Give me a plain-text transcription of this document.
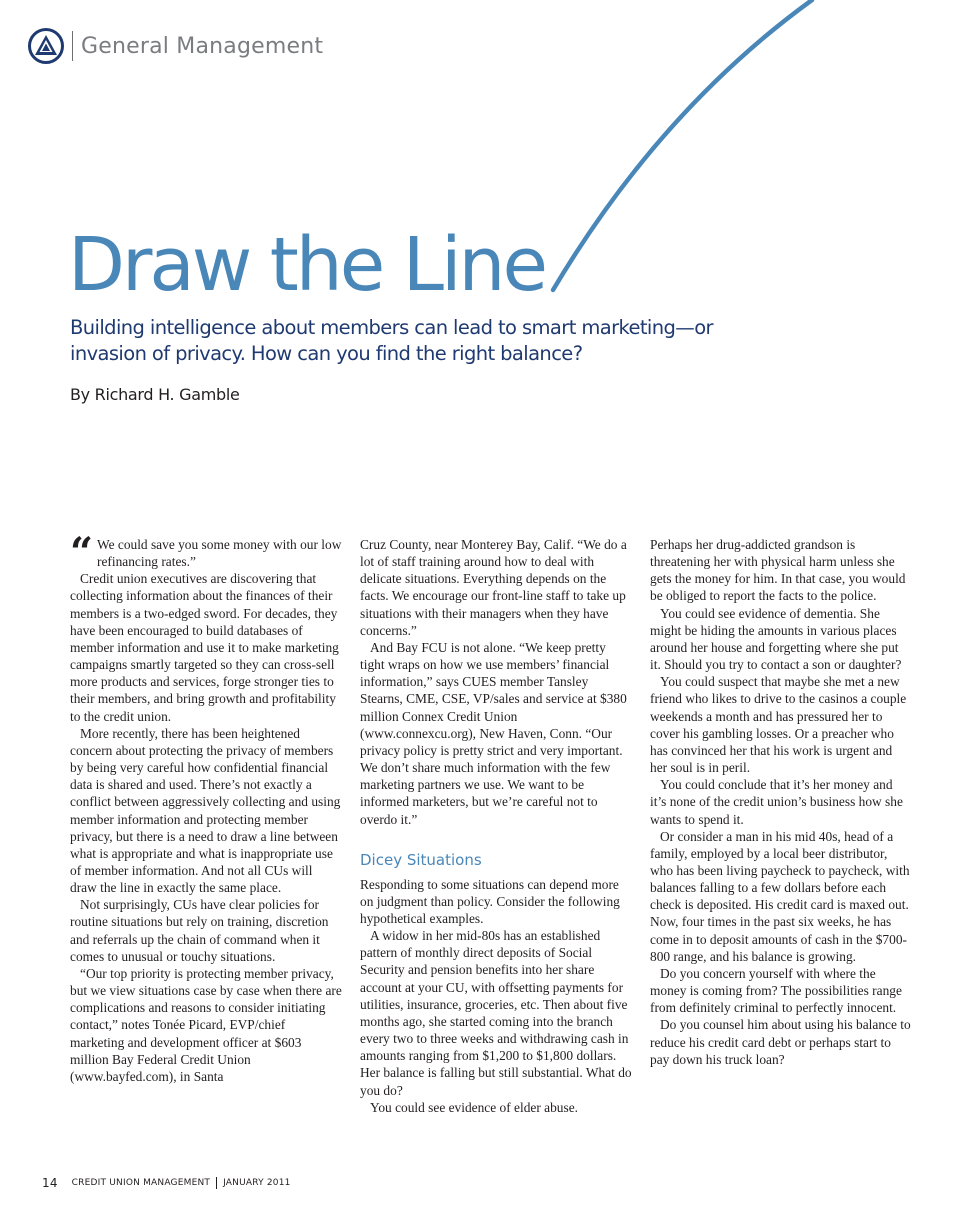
General Management
Draw the Line

Building intelligence about members can lead to smart marketing—or invasion of privacy. How can you find the right balance?

By Richard H. Gamble

“ We could save you some money with our low refinancing rates.”

Credit union executives are discovering that collecting information about the finances of their members is a two-edged sword. For decades, they have been encouraged to build databases of member information and use it to make marketing campaigns smartly targeted so they can cross-sell more products and services, forge stronger ties to their members, and bring growth and profitability to the credit union.

More recently, there has been heightened concern about protecting the privacy of members by being very careful how confidential financial data is shared and used. There’s not exactly a conflict between aggressively collecting and using member information and protecting member privacy, but there is a need to draw a line between what is appropriate and what is inappropriate use of member information. And not all CUs will draw the line in exactly the same place.

Not surprisingly, CUs have clear policies for routine situations but rely on training, discretion and referrals up the chain of command when it comes to unusual or touchy situations.

“Our top priority is protecting member privacy, but we view situations case by case when there are complications and reasons to consider initiating contact,” notes Tonée Picard, EVP/chief marketing and development officer at $603 million Bay Federal Credit Union (www.bayfed.com), in Santa

Cruz County, near Monterey Bay, Calif. “We do a lot of staff training around how to deal with delicate situations. Everything depends on the facts. We encourage our front-line staff to take up situations with their managers when they have concerns.”

And Bay FCU is not alone. “We keep pretty tight wraps on how we use members’ financial information,” says CUES member Tansley Stearns, CME, CSE, VP/sales and service at $380 million Connex Credit Union (www.connexcu.org), New Haven, Conn. “Our privacy policy is pretty strict and very important. We don’t share much information with the few marketing partners we use. We want to be informed marketers, but we’re careful not to overdo it.”

Dicey Situations

Responding to some situations can depend more on judgment than policy. Consider the following hypothetical examples.

A widow in her mid-80s has an established pattern of monthly direct deposits of Social Security and pension benefits into her share account at your CU, with offsetting payments for utilities, insurance, groceries, etc. Then about five months ago, she started coming into the branch every two to three weeks and withdrawing cash in amounts ranging from $1,200 to $1,800 dollars. Her balance is falling but still substantial. What do you do?

You could see evidence of elder abuse.

Perhaps her drug-addicted grandson is threatening her with physical harm unless she gets the money for him. In that case, you would be obliged to report the facts to the police.

You could see evidence of dementia. She might be hiding the amounts in various places around her house and forgetting where she put it. Should you try to contact a son or daughter?

You could suspect that maybe she met a new friend who likes to drive to the casinos a couple weekends a month and has pressured her to cover his gambling losses. Or a preacher who has convinced her that his work is urgent and her soul is in peril.

You could conclude that it’s her money and it’s none of the credit union’s business how she wants to spend it.

Or consider a man in his mid 40s, head of a family, employed by a local beer distributor, who has been living paycheck to paycheck, with balances falling to a few dollars before each check is deposited. His credit card is maxed out. Now, four times in the past six weeks, he has come in to deposit amounts of cash in the $700-800 range, and his balance is growing.

Do you concern yourself with where the money is coming from? The possibilities range from definitely criminal to perfectly innocent.

Do you counsel him about using his balance to reduce his credit card debt or perhaps start to pay down his truck loan?

14 CREDIT UNION MANAGEMENT JANUARY 2011
